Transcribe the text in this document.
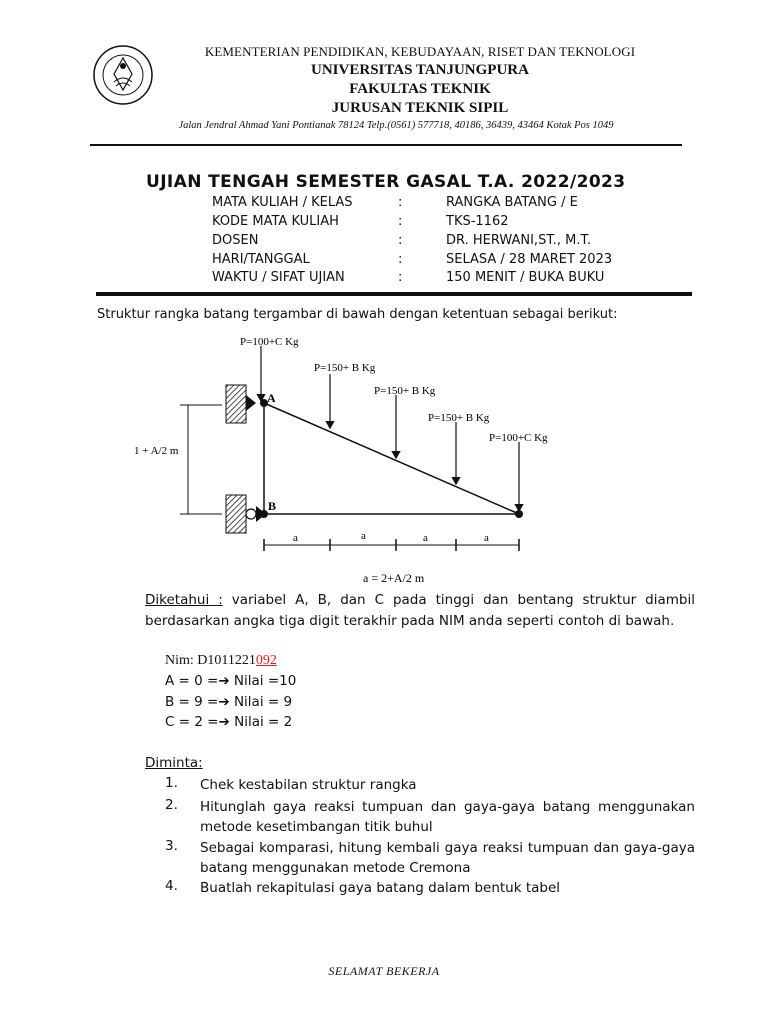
KEMENTERIAN PENDIDIKAN, KEBUDAYAAN, RISET DAN TEKNOLOGI
UNIVERSITAS TANJUNGPURA
FAKULTAS TEKNIK
JURUSAN TEKNIK SIPIL
Jalan Jendral Ahmad Yani Pontianak 78124 Telp.(0561) 577718, 40186, 36439, 43464 Kotak Pos 1049
UJIAN TENGAH SEMESTER GASAL T.A. 2022/2023
MATA KULIAH / KELAS	:	RANGKA BATANG / E
KODE MATA KULIAH	:	TKS-1162
DOSEN	:	DR. HERWANI,ST., M.T.
HARI/TANGGAL	:	SELASA / 28 MARET 2023
WAKTU / SIFAT UJIAN	:	150 MENIT / BUKA BUKU
Struktur rangka batang tergambar di bawah dengan ketentuan sebagai berikut:
P=100+C Kg
P=150+ B Kg
P=150+ B Kg
P=150+ B Kg
P=100+C Kg
A
B
1 + A/2 m
a	a	a	a
a = 2+A/2 m
Diketahui : variabel A, B, dan C pada tinggi dan bentang struktur diambil berdasarkan angka tiga digit terakhir pada NIM anda seperti contoh di bawah.
Nim: D1011221092
A = 0 =➔ Nilai =10
B = 9 =➔ Nilai = 9
C = 2 =➔ Nilai = 2
Diminta:
1. Chek kestabilan struktur rangka
2. Hitunglah gaya reaksi tumpuan dan gaya-gaya batang menggunakan metode kesetimbangan titik buhul
3. Sebagai komparasi, hitung kembali gaya reaksi tumpuan dan gaya-gaya batang menggunakan metode Cremona
4. Buatlah rekapitulasi gaya batang dalam bentuk tabel
SELAMAT BEKERJA
